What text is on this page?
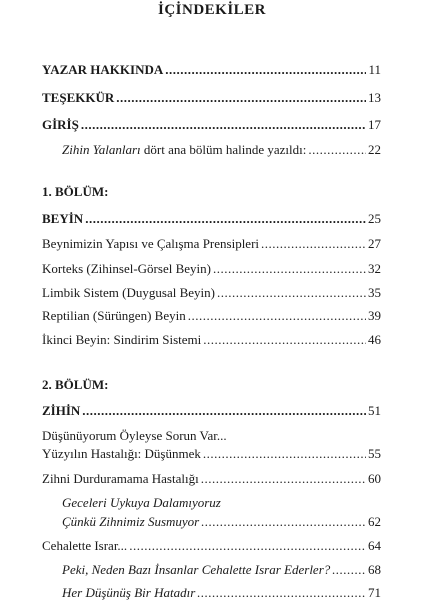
İÇİNDEKİLER
YAZAR HAKKINDA .....	11
TEŞEKKÜR .....	13
GİRİŞ .....	17
Zihin Yalanları dört ana bölüm halinde yazıldı: .....	22
1. BÖLÜM:
BEYİN .....	25
Beynimizin Yapısı ve Çalışma Prensipleri .....	27
Korteks (Zihinsel-Görsel Beyin) .....	32
Limbik Sistem (Duygusal Beyin) .....	35
Reptilian (Sürüngen) Beyin .....	39
İkinci Beyin: Sindirim Sistemi .....	46
2. BÖLÜM:
ZİHİN .....	51
Düşünüyorum Öyleyse Sorun Var...
Yüzyılın Hastalığı: Düşünmek .....	55
Zihni Durduramama Hastalığı .....	60
Geceleri Uykuya Dalamıyoruz
Çünkü Zihnimiz Susmuyor .....	62
Cehalette Israr... .....	64
Peki, Neden Bazı İnsanlar Cehalette Israr Ederler? .....	68
Her Düşünüş Bir Hatadır .....	71
